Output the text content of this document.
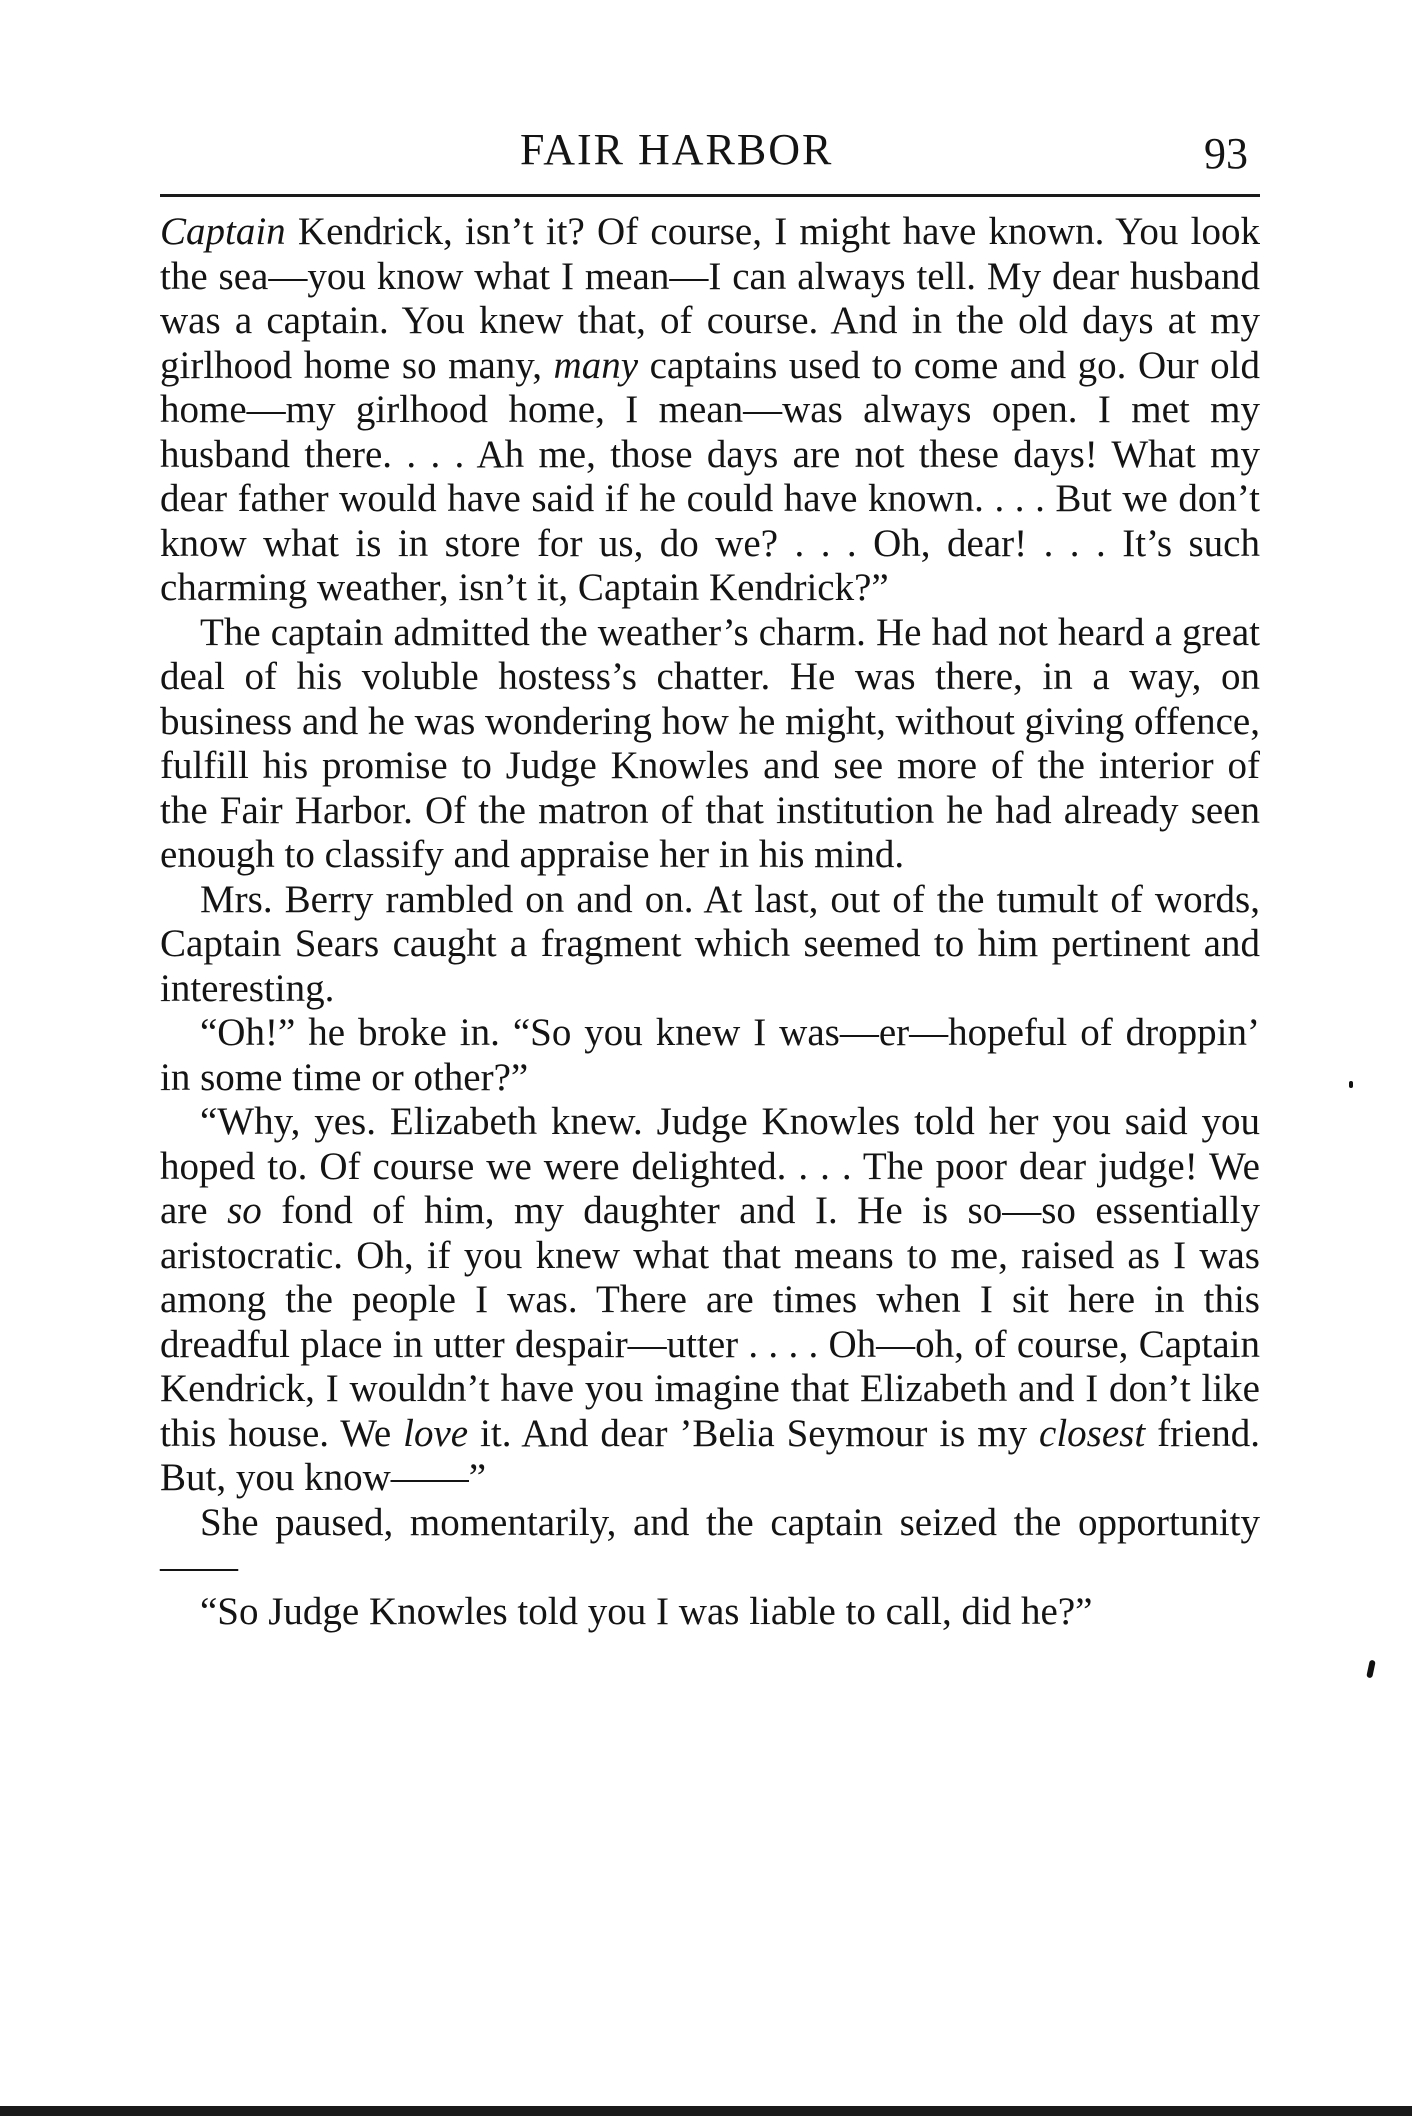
FAIR HARBOR	93

Captain Kendrick, isn’t it? Of course, I might have known. You look the sea—you know what I mean—I can always tell. My dear husband was a captain. You knew that, of course. And in the old days at my girlhood home so many, many captains used to come and go. Our old home—my girlhood home, I mean—was always open. I met my husband there. . . . Ah me, those days are not these days! What my dear father would have said if he could have known. . . . But we don’t know what is in store for us, do we? . . . Oh, dear! . . . It’s such charming weather, isn’t it, Captain Kendrick?”

The captain admitted the weather’s charm. He had not heard a great deal of his voluble hostess’s chatter. He was there, in a way, on business and he was wondering how he might, without giving offence, fulfill his promise to Judge Knowles and see more of the interior of the Fair Harbor. Of the matron of that institution he had already seen enough to classify and appraise her in his mind.

Mrs. Berry rambled on and on. At last, out of the tumult of words, Captain Sears caught a fragment which seemed to him pertinent and interesting.

“Oh!” he broke in. “So you knew I was—er—hopeful of droppin’ in some time or other?”

“Why, yes. Elizabeth knew. Judge Knowles told her you said you hoped to. Of course we were delighted. . . . The poor dear judge! We are so fond of him, my daughter and I. He is so—so essentially aristocratic. Oh, if you knew what that means to me, raised as I was among the people I was. There are times when I sit here in this dreadful place in utter despair—utter . . . . Oh—oh, of course, Captain Kendrick, I wouldn’t have you imagine that Elizabeth and I don’t like this house. We love it. And dear ’Belia Seymour is my closest friend. But, you know——”

She paused, momentarily, and the captain seized the opportunity——

“So Judge Knowles told you I was liable to call, did he?”
